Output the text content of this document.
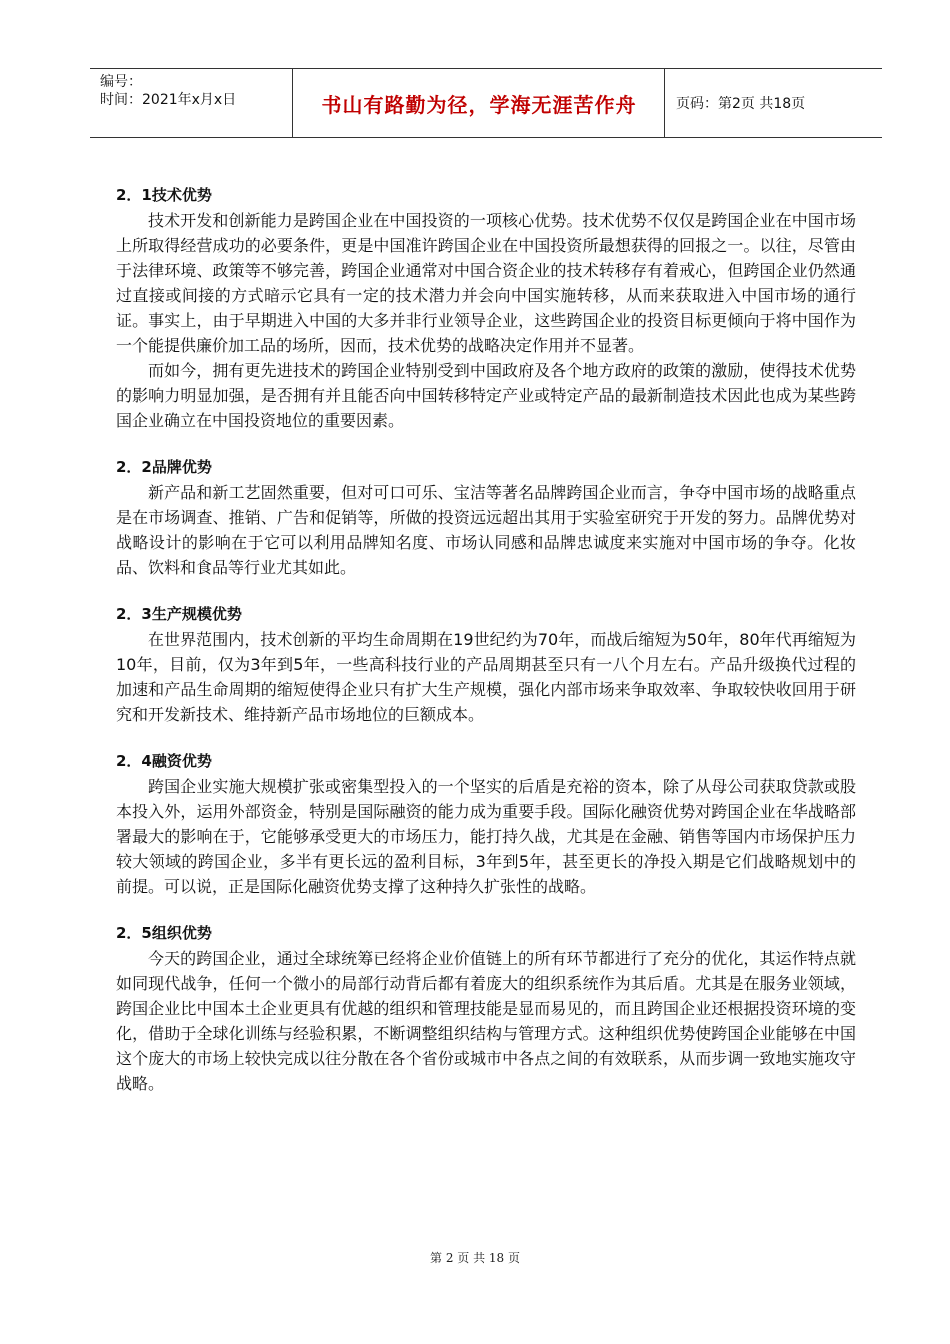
编号：
时间：2021年x月x日	书山有路勤为径，学海无涯苦作舟	页码：第2页 共18页

2．1技术优势

技术开发和创新能力是跨国企业在中国投资的一项核心优势。技术优势不仅仅是跨国企业在中国市场上所取得经营成功的必要条件，更是中国准许跨国企业在中国投资所最想获得的回报之一。以往，尽管由于法律环境、政策等不够完善，跨国企业通常对中国合资企业的技术转移存有着戒心，但跨国企业仍然通过直接或间接的方式暗示它具有一定的技术潜力并会向中国实施转移，从而来获取进入中国市场的通行证。事实上，由于早期进入中国的大多并非行业领导企业，这些跨国企业的投资目标更倾向于将中国作为一个能提供廉价加工品的场所，因而，技术优势的战略决定作用并不显著。

而如今，拥有更先进技术的跨国企业特别受到中国政府及各个地方政府的政策的激励，使得技术优势的影响力明显加强，是否拥有并且能否向中国转移特定产业或特定产品的最新制造技术因此也成为某些跨国企业确立在中国投资地位的重要因素。

2．2品牌优势

新产品和新工艺固然重要，但对可口可乐、宝洁等著名品牌跨国企业而言，争夺中国市场的战略重点是在市场调查、推销、广告和促销等，所做的投资远远超出其用于实验室研究于开发的努力。品牌优势对战略设计的影响在于它可以利用品牌知名度、市场认同感和品牌忠诚度来实施对中国市场的争夺。化妆品、饮料和食品等行业尤其如此。

2．3生产规模优势

在世界范围内，技术创新的平均生命周期在19世纪约为70年，而战后缩短为50年，80年代再缩短为10年，目前，仅为3年到5年，一些高科技行业的产品周期甚至只有一八个月左右。产品升级换代过程的加速和产品生命周期的缩短使得企业只有扩大生产规模，强化内部市场来争取效率、争取较快收回用于研究和开发新技术、维持新产品市场地位的巨额成本。

2．4融资优势

跨国企业实施大规模扩张或密集型投入的一个坚实的后盾是充裕的资本，除了从母公司获取贷款或股本投入外，运用外部资金，特别是国际融资的能力成为重要手段。国际化融资优势对跨国企业在华战略部署最大的影响在于，它能够承受更大的市场压力，能打持久战，尤其是在金融、销售等国内市场保护压力较大领域的跨国企业，多半有更长远的盈利目标，3年到5年，甚至更长的净投入期是它们战略规划中的前提。可以说，正是国际化融资优势支撑了这种持久扩张性的战略。

2．5组织优势

今天的跨国企业，通过全球统筹已经将企业价值链上的所有环节都进行了充分的优化，其运作特点就如同现代战争，任何一个微小的局部行动背后都有着庞大的组织系统作为其后盾。尤其是在服务业领域，跨国企业比中国本土企业更具有优越的组织和管理技能是显而易见的，而且跨国企业还根据投资环境的变化，借助于全球化训练与经验积累，不断调整组织结构与管理方式。这种组织优势使跨国企业能够在中国这个庞大的市场上较快完成以往分散在各个省份或城市中各点之间的有效联系，从而步调一致地实施攻守战略。

第 2 页 共 18 页
